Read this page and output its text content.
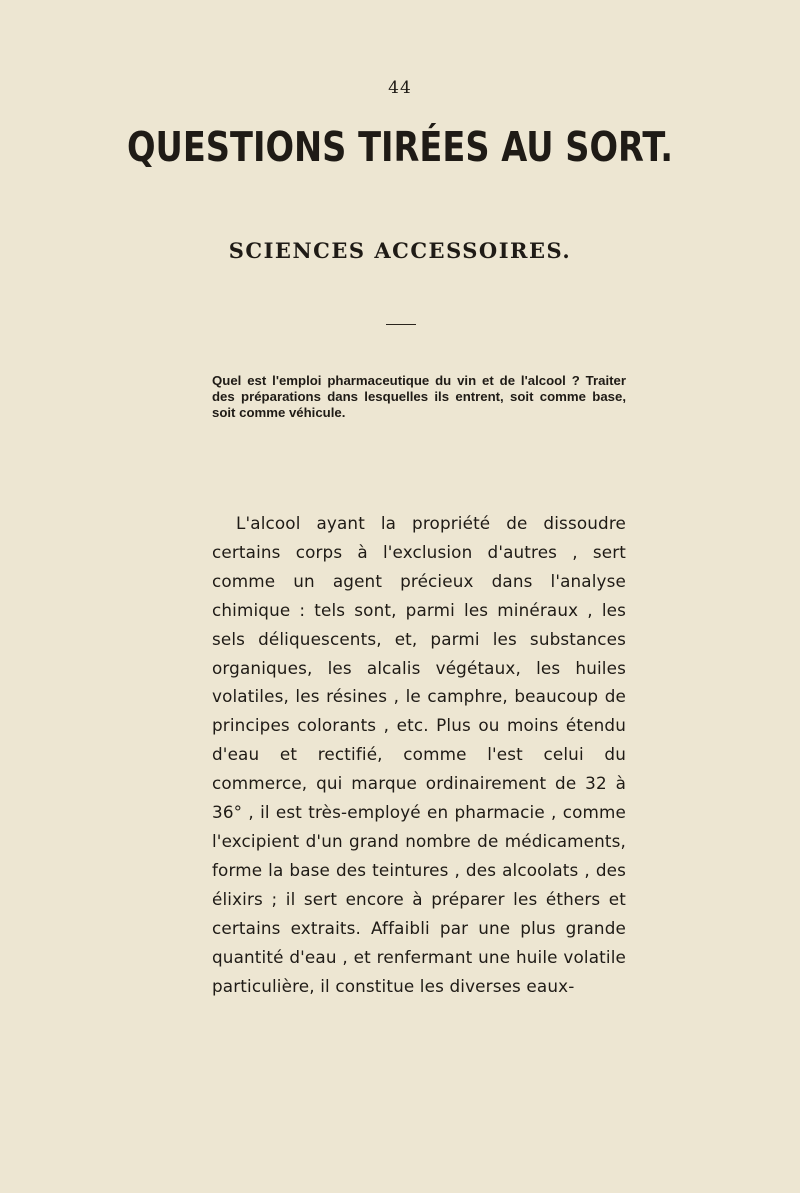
44
QUESTIONS TIRÉES AU SORT.
SCIENCES ACCESSOIRES.
Quel est l'emploi pharmaceutique du vin et de l'alcool ? Traiter des préparations dans lesquelles ils entrent, soit comme base, soit comme véhicule.
L'alcool ayant la propriété de dissoudre certains corps à l'exclusion d'autres , sert comme un agent précieux dans l'analyse chimique : tels sont, parmi les minéraux , les sels déliquescents, et, parmi les substances organiques, les alcalis végétaux, les huiles volatiles, les résines , le camphre, beaucoup de principes colorants , etc. Plus ou moins étendu d'eau et rectifié, comme l'est celui du commerce, qui marque ordinairement de 32 à 36° , il est très-employé en pharmacie , comme l'excipient d'un grand nombre de médicaments, forme la base des teintures , des alcoolats , des élixirs ; il sert encore à préparer les éthers et certains extraits. Affaibli par une plus grande quantité d'eau , et renfermant une huile volatile particulière, il constitue les diverses eaux-
